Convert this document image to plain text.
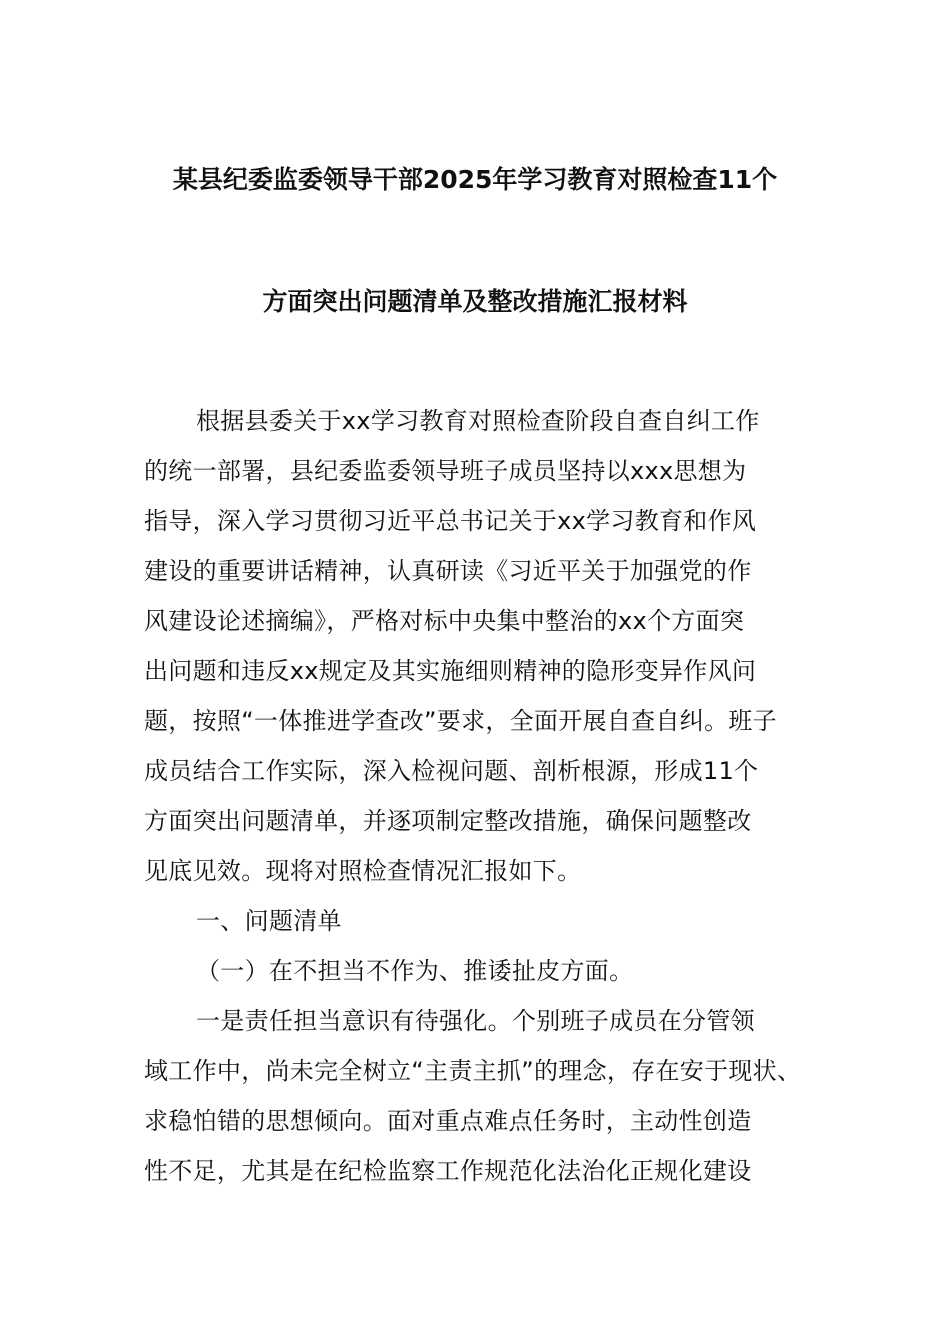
某县纪委监委领导干部2025年学习教育对照检查11个
方面突出问题清单及整改措施汇报材料
根据县委关于xx学习教育对照检查阶段自查自纠工作
的统一部署，县纪委监委领导班子成员坚持以xxx思想为
指导，深入学习贯彻习近平总书记关于xx学习教育和作风
建设的重要讲话精神，认真研读《习近平关于加强党的作
风建设论述摘编》，严格对标中央集中整治的xx个方面突
出问题和违反xx规定及其实施细则精神的隐形变异作风问
题，按照“一体推进学查改”要求，全面开展自查自纠。班子
成员结合工作实际，深入检视问题、剖析根源，形成11个
方面突出问题清单，并逐项制定整改措施，确保问题整改
见底见效。现将对照检查情况汇报如下。
一、问题清单
（一）在不担当不作为、推诿扯皮方面。
一是责任担当意识有待强化。个别班子成员在分管领
域工作中，尚未完全树立“主责主抓”的理念，存在安于现状、
求稳怕错的思想倾向。面对重点难点任务时，主动性创造
性不足，尤其是在纪检监察工作规范化法治化正规化建设
